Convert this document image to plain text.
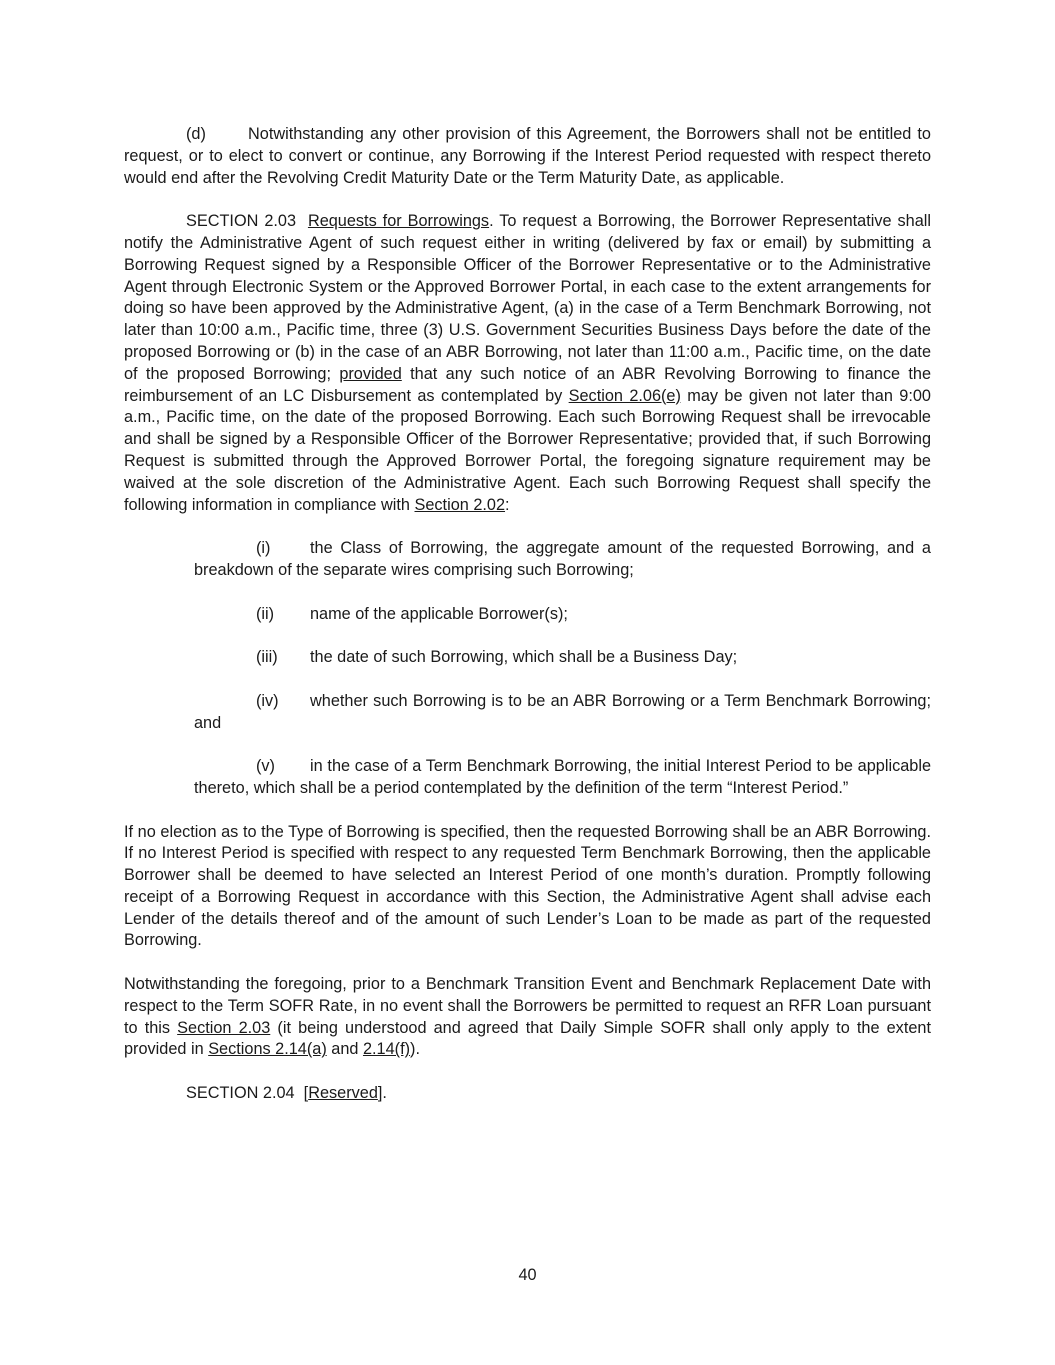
(d)	Notwithstanding any other provision of this Agreement, the Borrowers shall not be entitled to request, or to elect to convert or continue, any Borrowing if the Interest Period requested with respect thereto would end after the Revolving Credit Maturity Date or the Term Maturity Date, as applicable.

SECTION 2.03 Requests for Borrowings. To request a Borrowing, the Borrower Representative shall notify the Administrative Agent of such request either in writing (delivered by fax or email) by submitting a Borrowing Request signed by a Responsible Officer of the Borrower Representative or to the Administrative Agent through Electronic System or the Approved Borrower Portal, in each case to the extent arrangements for doing so have been approved by the Administrative Agent, (a) in the case of a Term Benchmark Borrowing, not later than 10:00 a.m., Pacific time, three (3) U.S. Government Securities Business Days before the date of the proposed Borrowing or (b) in the case of an ABR Borrowing, not later than 11:00 a.m., Pacific time, on the date of the proposed Borrowing; provided that any such notice of an ABR Revolving Borrowing to finance the reimbursement of an LC Disbursement as contemplated by Section 2.06(e) may be given not later than 9:00 a.m., Pacific time, on the date of the proposed Borrowing. Each such Borrowing Request shall be irrevocable and shall be signed by a Responsible Officer of the Borrower Representative; provided that, if such Borrowing Request is submitted through the Approved Borrower Portal, the foregoing signature requirement may be waived at the sole discretion of the Administrative Agent. Each such Borrowing Request shall specify the following information in compliance with Section 2.02:

(i) the Class of Borrowing, the aggregate amount of the requested Borrowing, and a breakdown of the separate wires comprising such Borrowing;

(ii) name of the applicable Borrower(s);

(iii) the date of such Borrowing, which shall be a Business Day;

(iv) whether such Borrowing is to be an ABR Borrowing or a Term Benchmark Borrowing; and

(v) in the case of a Term Benchmark Borrowing, the initial Interest Period to be applicable thereto, which shall be a period contemplated by the definition of the term “Interest Period.”

If no election as to the Type of Borrowing is specified, then the requested Borrowing shall be an ABR Borrowing. If no Interest Period is specified with respect to any requested Term Benchmark Borrowing, then the applicable Borrower shall be deemed to have selected an Interest Period of one month’s duration. Promptly following receipt of a Borrowing Request in accordance with this Section, the Administrative Agent shall advise each Lender of the details thereof and of the amount of such Lender’s Loan to be made as part of the requested Borrowing.

Notwithstanding the foregoing, prior to a Benchmark Transition Event and Benchmark Replacement Date with respect to the Term SOFR Rate, in no event shall the Borrowers be permitted to request an RFR Loan pursuant to this Section 2.03 (it being understood and agreed that Daily Simple SOFR shall only apply to the extent provided in Sections 2.14(a) and 2.14(f)).

SECTION 2.04 [Reserved].

40
